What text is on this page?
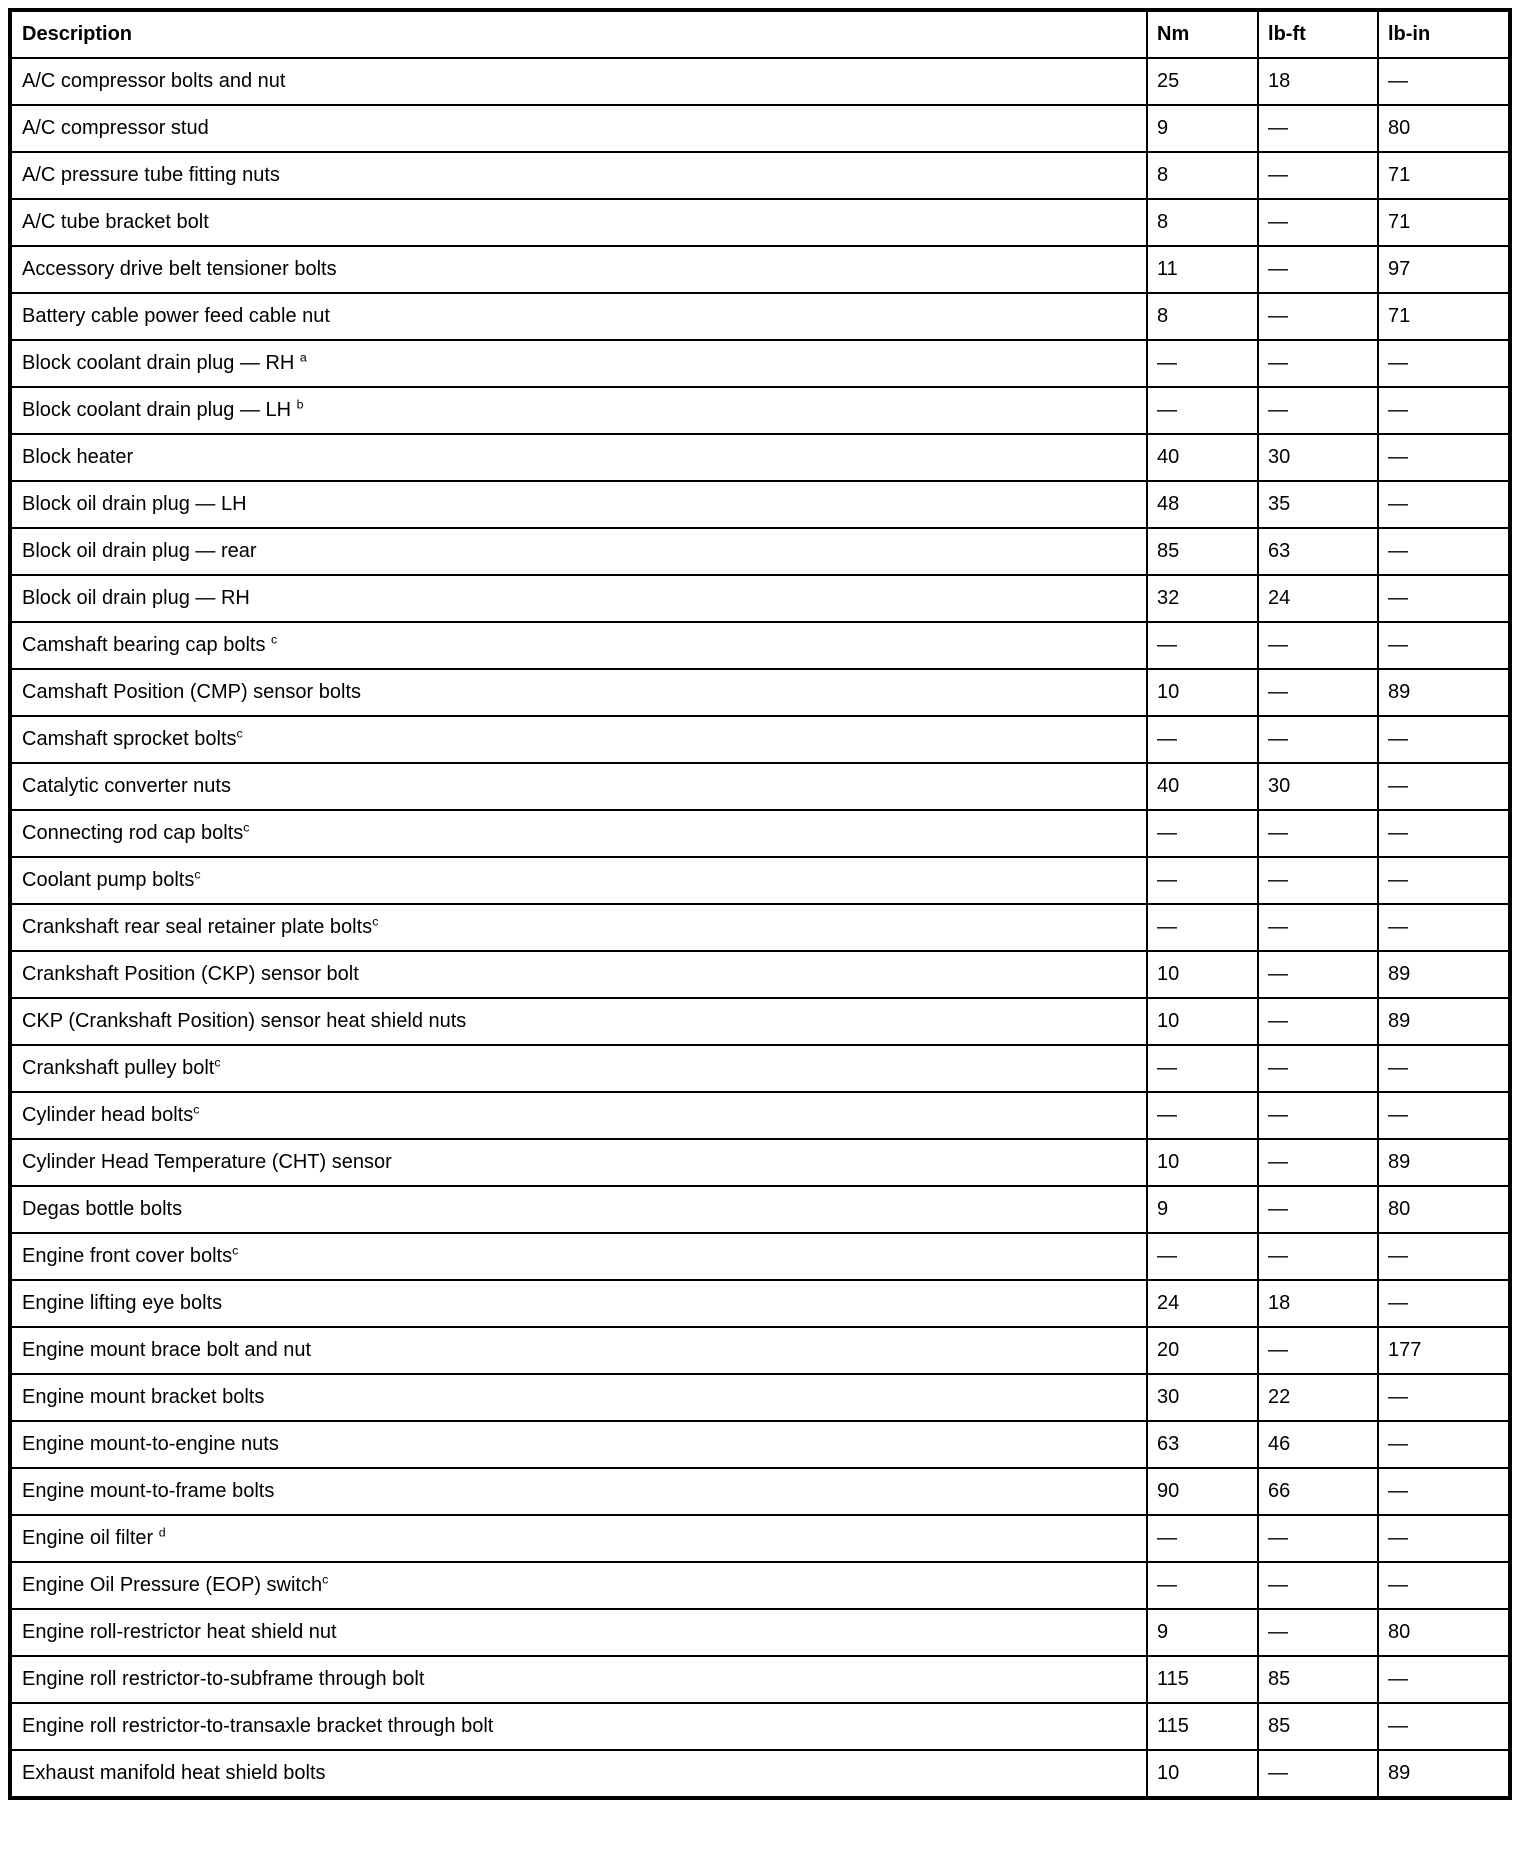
Description	Nm	lb-ft	lb-in
A/C compressor bolts and nut	25	18	—
A/C compressor stud	9	—	80
A/C pressure tube fitting nuts	8	—	71
A/C tube bracket bolt	8	—	71
Accessory drive belt tensioner bolts	11	—	97
Battery cable power feed cable nut	8	—	71
Block coolant drain plug — RH $^a$	—	—	—
Block coolant drain plug — LH $^b$	—	—	—
Block heater	40	30	—
Block oil drain plug — LH	48	35	—
Block oil drain plug — rear	85	63	—
Block oil drain plug — RH	32	24	—
Camshaft bearing cap bolts $^c$	—	—	—
Camshaft Position (CMP) sensor bolts	10	—	89
Camshaft sprocket bolts$^c$	—	—	—
Catalytic converter nuts	40	30	—
Connecting rod cap bolts$^c$	—	—	—
Coolant pump bolts$^c$	—	—	—
Crankshaft rear seal retainer plate bolts$^c$	—	—	—
Crankshaft Position (CKP) sensor bolt	10	—	89
CKP (Crankshaft Position) sensor heat shield nuts	10	—	89
Crankshaft pulley bolt$^c$	—	—	—
Cylinder head bolts$^c$	—	—	—
Cylinder Head Temperature (CHT) sensor	10	—	89
Degas bottle bolts	9	—	80
Engine front cover bolts$^c$	—	—	—
Engine lifting eye bolts	24	18	—
Engine mount brace bolt and nut	20	—	177
Engine mount bracket bolts	30	22	—
Engine mount-to-engine nuts	63	46	—
Engine mount-to-frame bolts	90	66	—
Engine oil filter $^d$	—	—	—
Engine Oil Pressure (EOP) switch$^c$	—	—	—
Engine roll-restrictor heat shield nut	9	—	80
Engine roll restrictor-to-subframe through bolt	115	85	—
Engine roll restrictor-to-transaxle bracket through bolt	115	85	—
Exhaust manifold heat shield bolts	10	—	89
